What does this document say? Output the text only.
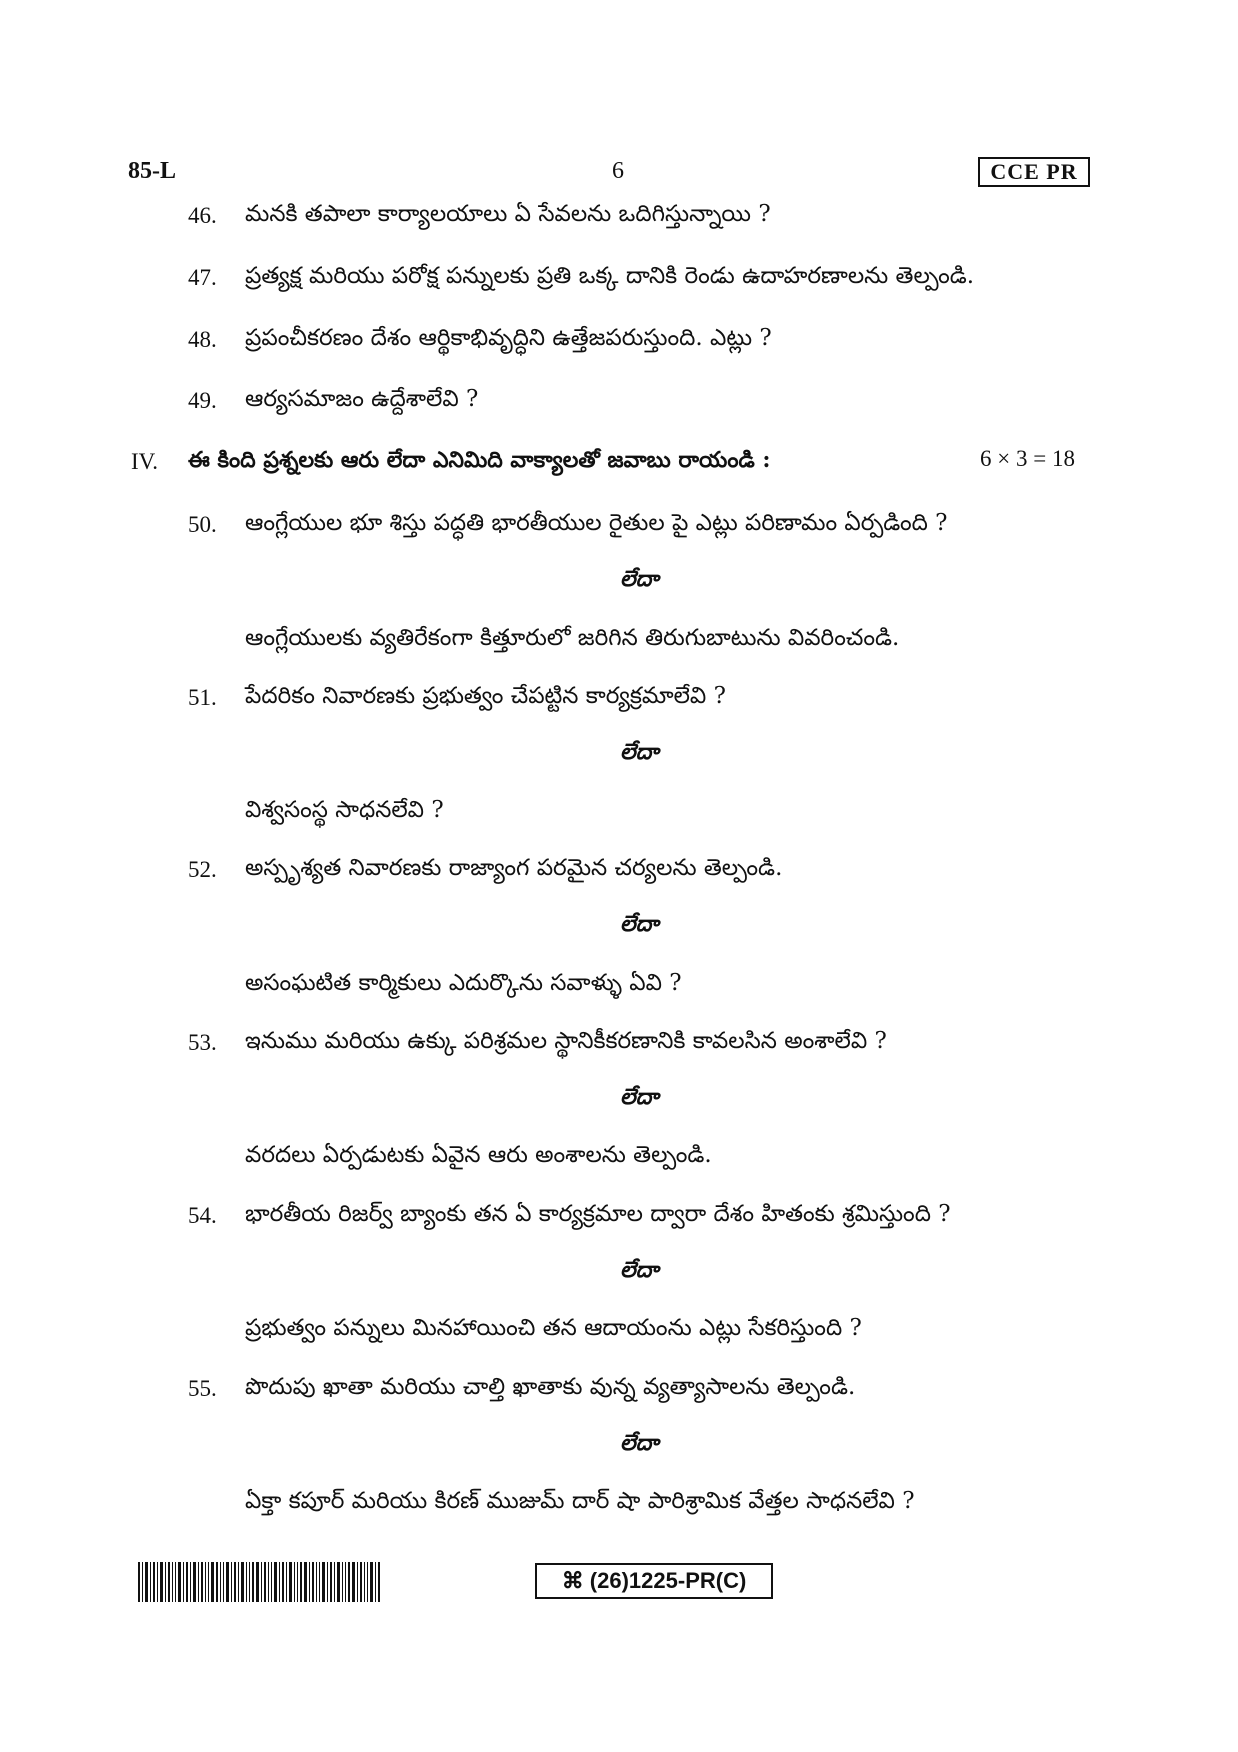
85-L	6	CCE PR
46. మనకి తపాలా కార్యాలయాలు ఏ సేవలను ఒదిగిస్తున్నాయి ?
47. ప్రత్యక్ష మరియు పరోక్ష పన్నులకు ప్రతి ఒక్క దానికి రెండు ఉదాహరణాలను తెల్పండి.
48. ప్రపంచీకరణం దేశం ఆర్థికాభివృద్ధిని ఉత్తేజపరుస్తుంది. ఎట్లు ?
49. ఆర్యసమాజం ఉద్దేశాలేవి ?
IV. ఈ కింది ప్రశ్నలకు ఆరు లేదా ఎనిమిది వాక్యాలతో జవాబు రాయండి :	6 × 3 = 18
50. ఆంగ్లేయుల భూ శిస్తు పద్ధతి భారతీయుల రైతుల పై ఎట్లు పరిణామం ఏర్పడింది ?
లేదా
ఆంగ్లేయులకు వ్యతిరేకంగా కిత్తూరులో జరిగిన తిరుగుబాటును వివరించండి.
51. పేదరికం నివారణకు ప్రభుత్వం చేపట్టిన కార్యక్రమాలేవి ?
లేదా
విశ్వసంస్థ సాధనలేవి ?
52. అస్పృశ్యత నివారణకు రాజ్యాంగ పరమైన చర్యలను తెల్పండి.
లేదా
అసంఘటిత కార్మికులు ఎదుర్కొను సవాళ్ళు ఏవి ?
53. ఇనుము మరియు ఉక్కు పరిశ్రమల స్థానికీకరణానికి కావలసిన అంశాలేవి ?
లేదా
వరదలు ఏర్పడుటకు ఏవైన ఆరు అంశాలను తెల్పండి.
54. భారతీయ రిజర్వ్ బ్యాంకు తన ఏ కార్యక్రమాల ద్వారా దేశం హితంకు శ్రమిస్తుంది ?
లేదా
ప్రభుత్వం పన్నులు మినహాయించి తన ఆదాయంను ఎట్లు సేకరిస్తుంది ?
55. పొదుపు ఖాతా మరియు చాల్తి ఖాతాకు వున్న వ్యత్యాసాలను తెల్పండి.
లేదా
ఏక్తా కపూర్ మరియు కిరణ్ ముజుమ్ దార్ షా పారిశ్రామిక వేత్తల సాధనలేవి ?
⌘ (26)1225-PR(C)
